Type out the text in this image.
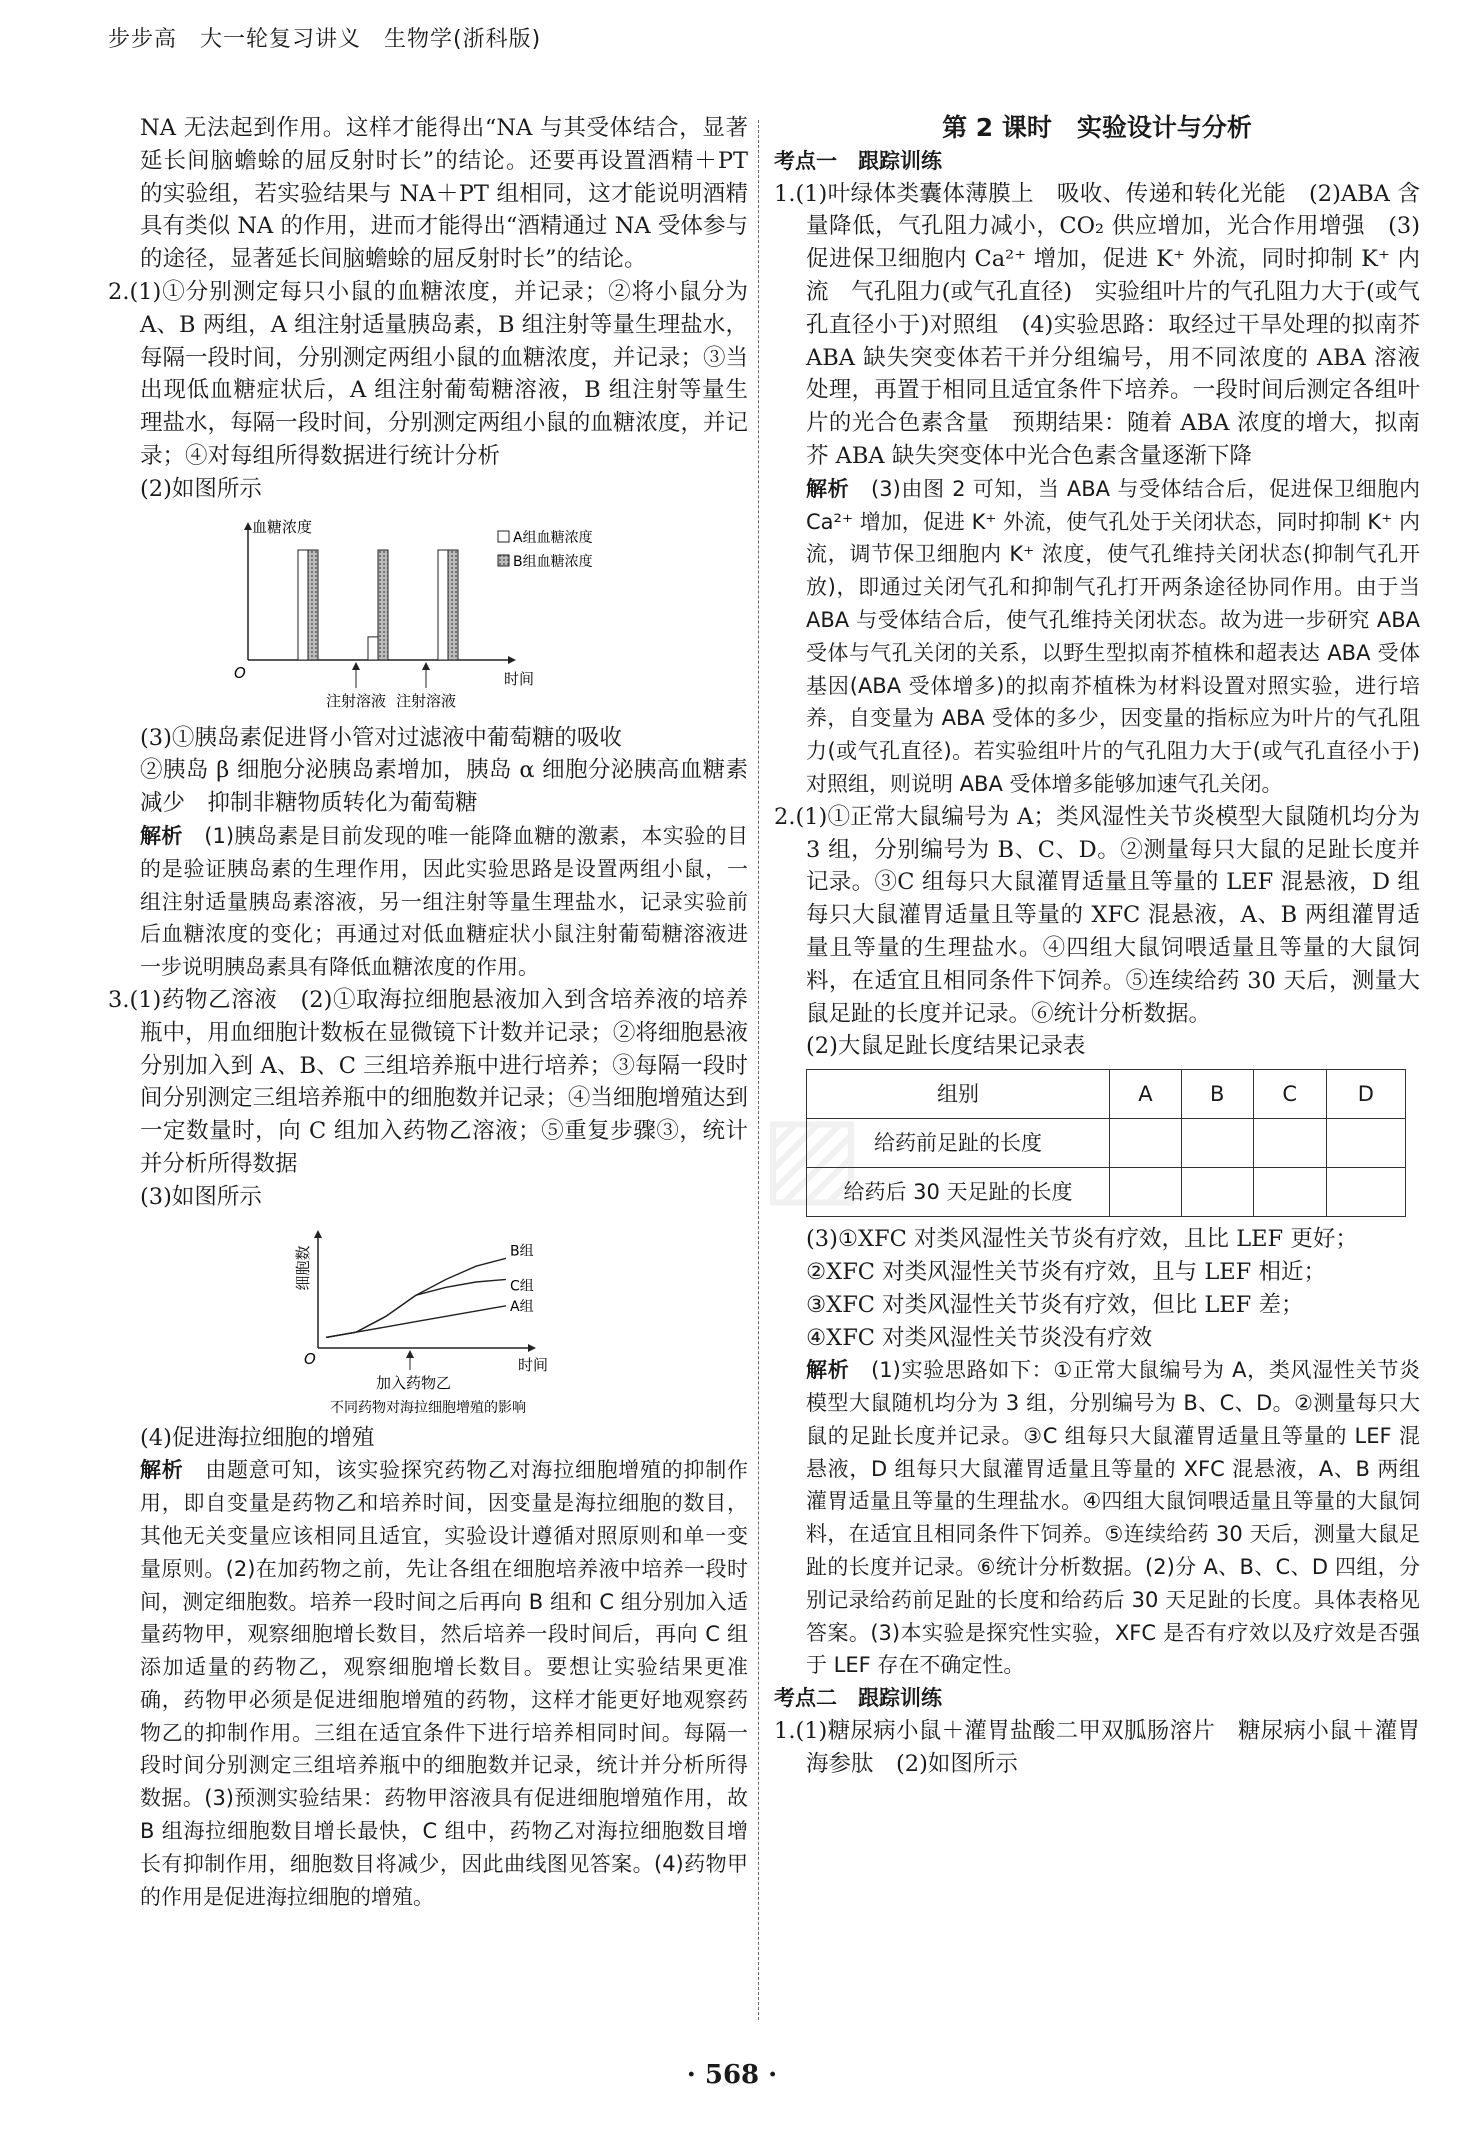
步步高　大一轮复习讲义　生物学(浙科版)
▨

NA 无法起到作用。这样才能得出“NA 与其受体结合，显著延长间脑蟾蜍的屈反射时长”的结论。还要再设置酒精＋PT 的实验组，若实验结果与 NA＋PT 组相同，这才能说明酒精具有类似 NA 的作用，进而才能得出“酒精通过 NA 受体参与的途径，显著延长间脑蟾蜍的屈反射时长”的结论。

2.(1)①分别测定每只小鼠的血糖浓度，并记录；②将小鼠分为 A、B 两组，A 组注射适量胰岛素，B 组注射等量生理盐水，每隔一段时间，分别测定两组小鼠的血糖浓度，并记录；③当出现低血糖症状后，A 组注射葡萄糖溶液，B 组注射等量生理盐水，每隔一段时间，分别测定两组小鼠的血糖浓度，并记录；④对每组所得数据进行统计分析

(2)如图所示

血糖浓度
时间
O
A组血糖浓度
B组血糖浓度
注射溶液 注射溶液

(3)①胰岛素促进肾小管对过滤液中葡萄糖的吸收

②胰岛 β 细胞分泌胰岛素增加，胰岛 α 细胞分泌胰高血糖素减少　抑制非糖物质转化为葡萄糖

解析　 (1)胰岛素是目前发现的唯一能降血糖的激素，本实验的目的是验证胰岛素的生理作用，因此实验思路是设置两组小鼠，一组注射适量胰岛素溶液，另一组注射等量生理盐水，记录实验前后血糖浓度的变化；再通过对低血糖症状小鼠注射葡萄糖溶液进一步说明胰岛素具有降低血糖浓度的作用。

3.(1)药物乙溶液　(2)①取海拉细胞悬液加入到含培养液的培养瓶中，用血细胞计数板在显微镜下计数并记录；②将细胞悬液分别加入到 A、B、C 三组培养瓶中进行培养；③每隔一段时间分别测定三组培养瓶中的细胞数并记录；④当细胞增殖达到一定数量时，向 C 组加入药物乙溶液；⑤重复步骤③，统计并分析所得数据

(3)如图所示

细胞数
时间
O
A组
B组
C组
加入药物乙
不同药物对海拉细胞增殖的影响

(4)促进海拉细胞的增殖

解析　 由题意可知，该实验探究药物乙对海拉细胞增殖的抑制作用，即自变量是药物乙和培养时间，因变量是海拉细胞的数目，其他无关变量应该相同且适宜，实验设计遵循对照原则和单一变量原则。(2)在加药物之前，先让各组在细胞培养液中培养一段时间，测定细胞数。培养一段时间之后再向 B 组和 C 组分别加入适量药物甲，观察细胞增长数目，然后培养一段时间后，再向 C 组添加适量的药物乙，观察细胞增长数目。要想让实验结果更准确，药物甲必须是促进细胞增殖的药物，这样才能更好地观察药物乙的抑制作用。三组在适宜条件下进行培养相同时间。每隔一段时间分别测定三组培养瓶中的细胞数并记录，统计并分析所得数据。(3)预测实验结果：药物甲溶液具有促进细胞增殖作用，故 B 组海拉细胞数目增长最快，C 组中，药物乙对海拉细胞数目增长有抑制作用，细胞数目将减少，因此曲线图见答案。(4)药物甲的作用是促进海拉细胞的增殖。

第 2 课时　实验设计与分析

考点一　跟踪训练

1.(1)叶绿体类囊体薄膜上　吸收、传递和转化光能　(2)ABA 含量降低，气孔阻力减小，CO₂ 供应增加，光合作用增强　(3)促进保卫细胞内 Ca²⁺ 增加，促进 K⁺ 外流，同时抑制 K⁺ 内流　气孔阻力(或气孔直径)　实验组叶片的气孔阻力大于(或气孔直径小于)对照组　(4)实验思路：取经过干旱处理的拟南芥 ABA 缺失突变体若干并分组编号，用不同浓度的 ABA 溶液处理，再置于相同且适宜条件下培养。一段时间后测定各组叶片的光合色素含量　预期结果：随着 ABA 浓度的增大，拟南芥 ABA 缺失突变体中光合色素含量逐渐下降

解析　 (3)由图 2 可知，当 ABA 与受体结合后，促进保卫细胞内 Ca²⁺ 增加，促进 K⁺ 外流，使气孔处于关闭状态，同时抑制 K⁺ 内流，调节保卫细胞内 K⁺ 浓度，使气孔维持关闭状态(抑制气孔开放)，即通过关闭气孔和抑制气孔打开两条途径协同作用。由于当 ABA 与受体结合后，使气孔维持关闭状态。故为进一步研究 ABA 受体与气孔关闭的关系，以野生型拟南芥植株和超表达 ABA 受体基因(ABA 受体增多)的拟南芥植株为材料设置对照实验，进行培养，自变量为 ABA 受体的多少，因变量的指标应为叶片的气孔阻力(或气孔直径)。若实验组叶片的气孔阻力大于(或气孔直径小于)对照组，则说明 ABA 受体增多能够加速气孔关闭。

2.(1)①正常大鼠编号为 A；类风湿性关节炎模型大鼠随机均分为 3 组，分别编号为 B、C、D。②测量每只大鼠的足趾长度并记录。③C 组每只大鼠灌胃适量且等量的 LEF 混悬液，D 组每只大鼠灌胃适量且等量的 XFC 混悬液，A、B 两组灌胃适量且等量的生理盐水。④四组大鼠饲喂适量且等量的大鼠饲料，在适宜且相同条件下饲养。⑤连续给药 30 天后，测量大鼠足趾的长度并记录。⑥统计分析数据。

(2)大鼠足趾长度结果记录表

组别	A	B	C	D
给药前足趾的长度				
给药后 30 天足趾的长度				

(3)①XFC 对类风湿性关节炎有疗效，且比 LEF 更好；

②XFC 对类风湿性关节炎有疗效，且与 LEF 相近；

③XFC 对类风湿性关节炎有疗效，但比 LEF 差；

④XFC 对类风湿性关节炎没有疗效

解析　 (1)实验思路如下：①正常大鼠编号为 A，类风湿性关节炎模型大鼠随机均分为 3 组，分别编号为 B、C、D。②测量每只大鼠的足趾长度并记录。③C 组每只大鼠灌胃适量且等量的 LEF 混悬液，D 组每只大鼠灌胃适量且等量的 XFC 混悬液，A、B 两组灌胃适量且等量的生理盐水。④四组大鼠饲喂适量且等量的大鼠饲料，在适宜且相同条件下饲养。⑤连续给药 30 天后，测量大鼠足趾的长度并记录。⑥统计分析数据。(2)分 A、B、C、D 四组，分别记录给药前足趾的长度和给药后 30 天足趾的长度。具体表格见答案。(3)本实验是探究性实验，XFC 是否有疗效以及疗效是否强于 LEF 存在不确定性。

考点二　跟踪训练

1.(1)糖尿病小鼠＋灌胃盐酸二甲双胍肠溶片　糖尿病小鼠＋灌胃海参肽　(2)如图所示

· 568 ·
